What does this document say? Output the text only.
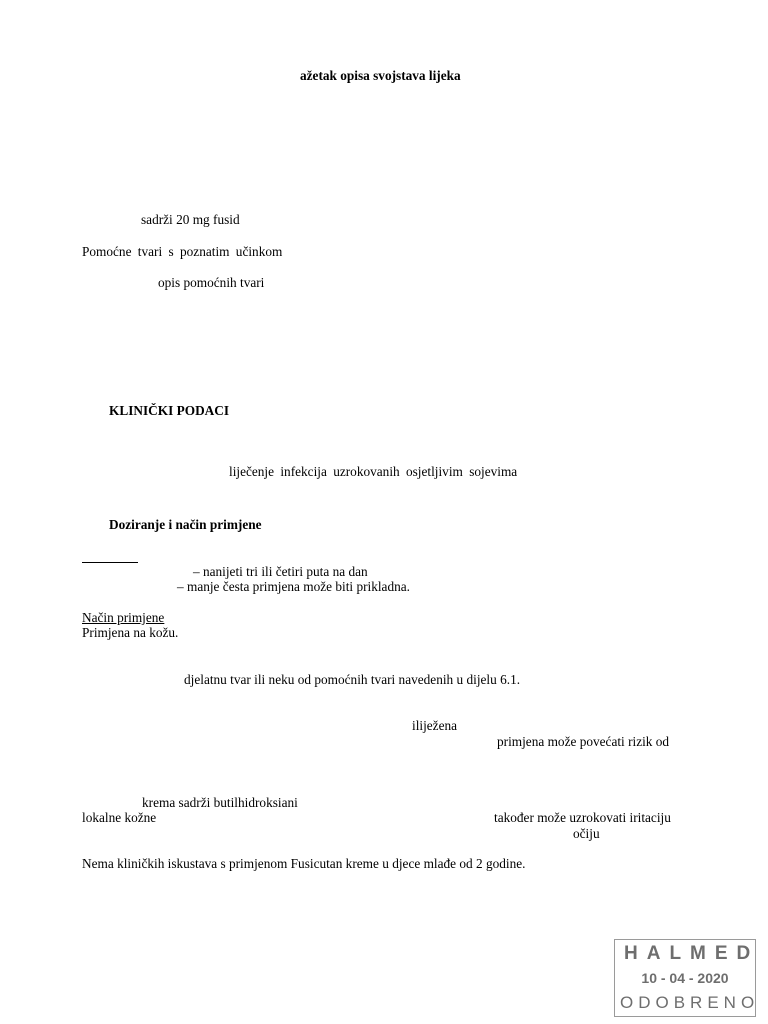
ažetak opisa svojstava lijeka

sadrži 20 mg fusid

Pomoćne tvari s poznatim učinkom

opis pomoćnih tvari

KLINIČKI PODACI

liječenje infekcija uzrokovanih osjetljivim sojevima

Doziranje i način primjene

– nanijeti tri ili četiri puta na dan

– manje česta primjena može biti prikladna.

Način primjene

Primjena na kožu.

djelatnu tvar ili neku od pomoćnih tvari navedenih u dijelu 6.1.

iliježena

primjena može povećati rizik od

krema sadrži butilhidroksiani

lokalne kožne	također može uzrokovati iritaciju

očiju

Nema kliničkih iskustava s primjenom Fusicutan kreme u djece mlađe od 2 godine.

HALMED
10 - 04 - 2020
ODOBRENO
